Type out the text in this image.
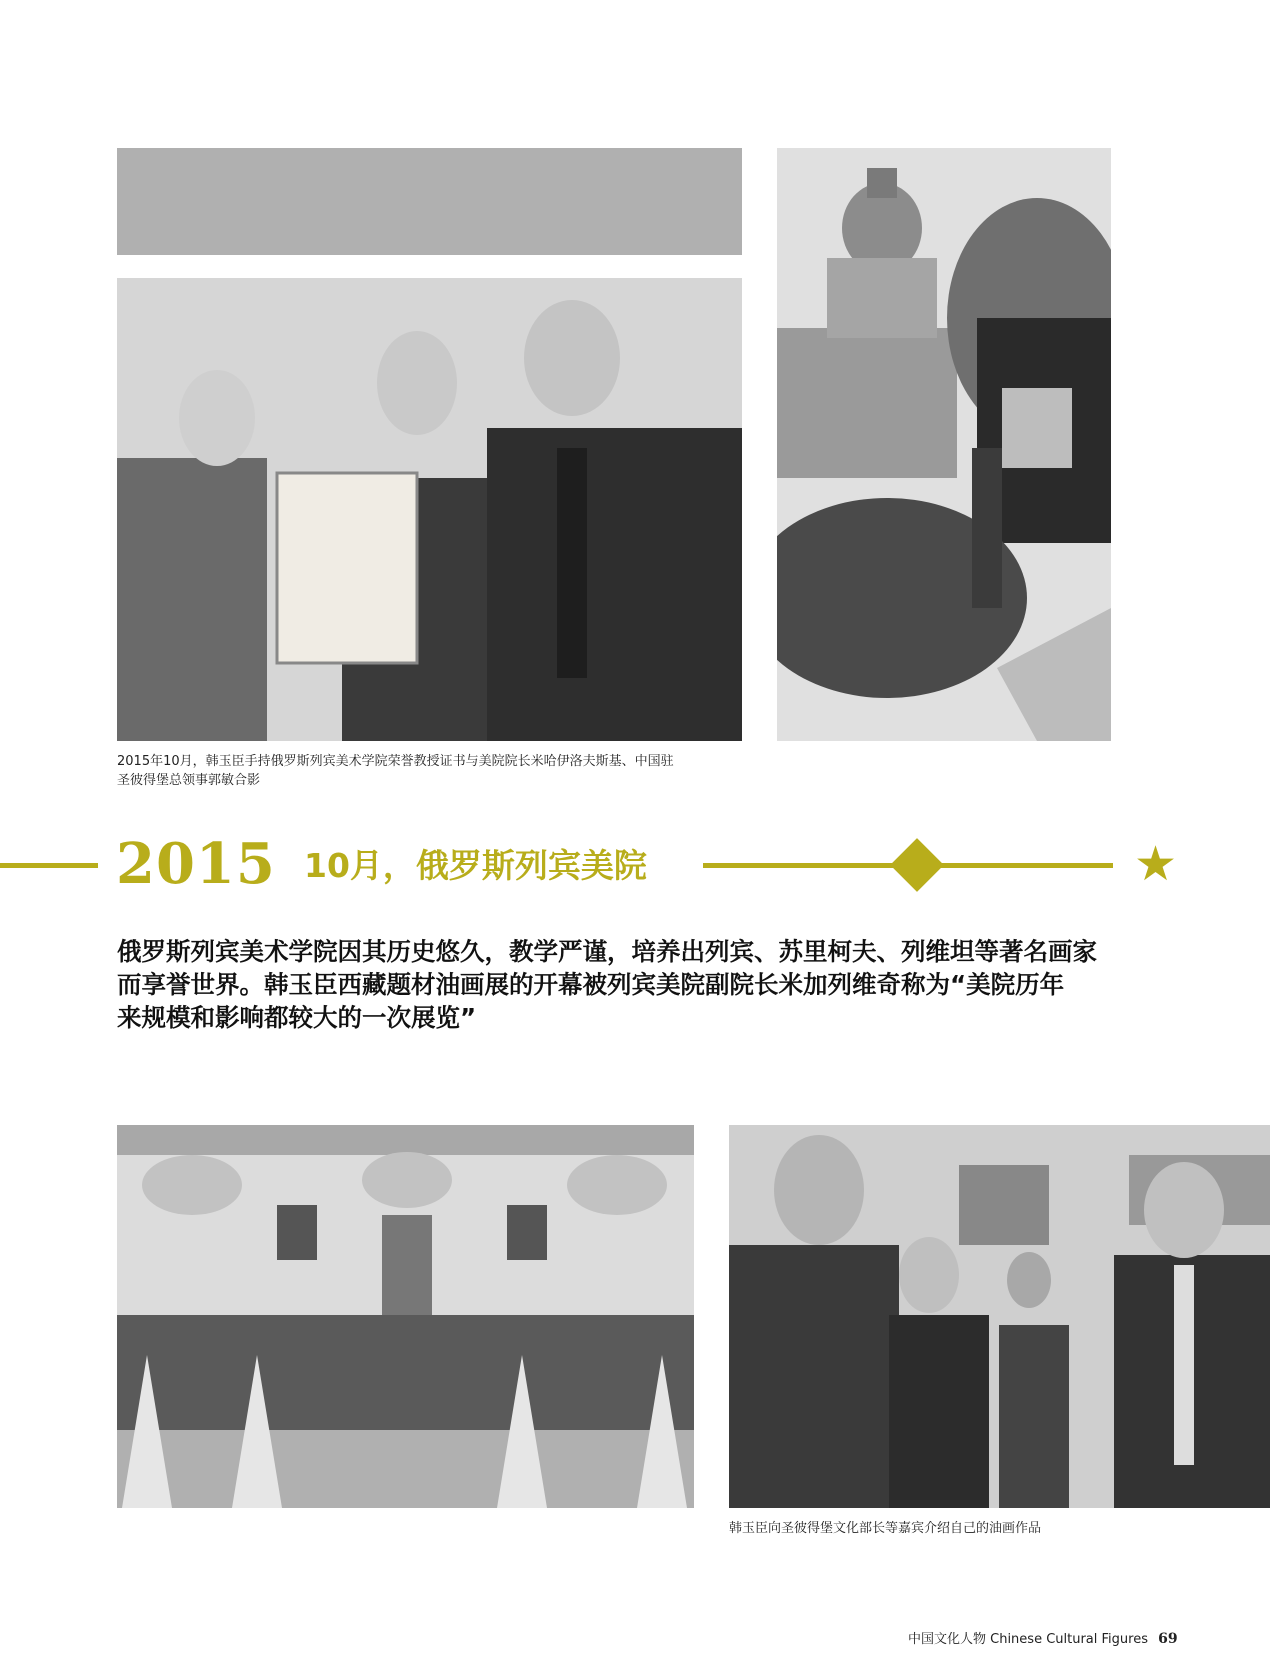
2015年10月，韩玉臣手持俄罗斯列宾美术学院荣誉教授证书与美院院长米哈伊洛夫斯基、中国驻
圣彼得堡总领事郭敏合影
2015 10月，俄罗斯列宾美院	★
俄罗斯列宾美术学院因其历史悠久，教学严谨，培养出列宾、苏里柯夫、列维坦等著名画家
而享誉世界。韩玉臣西藏题材油画展的开幕被列宾美院副院长米加列维奇称为“美院历年
来规模和影响都较大的一次展览”
韩玉臣向圣彼得堡文化部长等嘉宾介绍自己的油画作品
中国文化人物 Chinese Cultural Figures 69
